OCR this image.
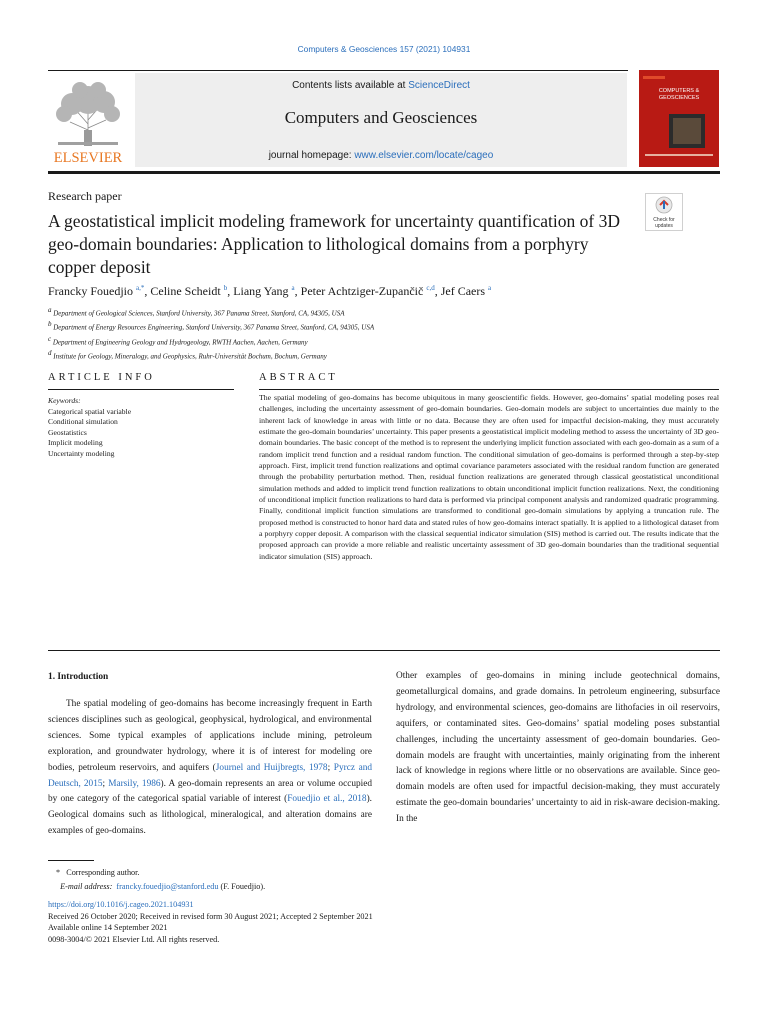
Computers & Geosciences 157 (2021) 104931
ELSEVIER
Contents lists available at ScienceDirect
Computers and Geosciences
journal homepage: www.elsevier.com/locate/cageo
COMPUTERS &
GEOSCIENCES
Research paper
A geostatistical implicit modeling framework for uncertainty quantification of 3D geo-domain boundaries: Application to lithological domains from a porphyry copper deposit
Check for
updates
Francky Fouedjio $^{a,*}$, Celine Scheidt $^b$, Liang Yang $^a$, Peter Achtziger-Zupančič $^{c,d}$, Jef Caers $^a$
$^a$ Department of Geological Sciences, Stanford University, 367 Panama Street, Stanford, CA, 94305, USA
$^b$ Department of Energy Resources Engineering, Stanford University, 367 Panama Street, Stanford, CA, 94305, USA
$^c$ Department of Engineering Geology and Hydrogeology, RWTH Aachen, Aachen, Germany
$^d$ Institute for Geology, Mineralogy, and Geophysics, Ruhr-Universität Bochum, Bochum, Germany
ARTICLE INFO	ABSTRACT
Keywords:
Categorical spatial variable
Conditional simulation
Geostatistics
Implicit modeling
Uncertainty modeling
The spatial modeling of geo-domains has become ubiquitous in many geoscientific fields. However, geo-domains’ spatial modeling poses real challenges, including the uncertainty assessment of geo-domain boundaries. Geo-domain models are subject to uncertainties due mainly to the inherent lack of knowledge in areas with little or no data. Because they are often used for impactful decision-making, they must accurately estimate the geo-domain boundaries’ uncertainty. This paper presents a geostatistical implicit modeling method to assess the uncertainty of 3D geo-domain boundaries. The basic concept of the method is to represent the underlying implicit function associated with each geo-domain as a sum of a random implicit trend function and a residual random function. The conditional simulation of geo-domains is performed through a step-by-step approach. First, implicit trend function realizations and optimal covariance parameters associated with the residual random function are generated through the probability perturbation method. Then, residual function realizations are generated through classical geostatistical unconditional simulation methods and added to implicit trend function realizations to obtain unconditional implicit function realizations. Next, the conditioning of unconditional implicit function realizations to hard data is performed via principal component analysis and randomized quadratic programming. Finally, conditional implicit function simulations are transformed to conditional geo-domain simulations by applying a truncation rule. The proposed method is constructed to honor hard data and stated rules of how geo-domains interact spatially. It is applied to a lithological dataset from a porphyry copper deposit. A comparison with the classical sequential indicator simulation (SIS) method is carried out. The results indicate that the proposed approach can provide a more reliable and realistic uncertainty assessment of 3D geo-domain boundaries than the traditional sequential indicator simulation (SIS) approach.
1. Introduction
The spatial modeling of geo-domains has become increasingly frequent in Earth sciences disciplines such as geological, geophysical, hydrological, and environmental sciences. Some typical examples of applications include mining, petroleum exploration, and groundwater hydrology, where it is of interest for modeling ore bodies, petroleum reservoirs, and aquifers (Journel and Huijbregts, 1978; Pyrcz and Deutsch, 2015; Marsily, 1986). A geo-domain represents an area or volume occupied by one category of the categorical spatial variable of interest (Fouedjio et al., 2018). Geological domains such as lithological, mineralogical, and alteration domains are examples of geo-domains.
Other examples of geo-domains in mining include geotechnical domains, geometallurgical domains, and grade domains. In petroleum engineering, subsurface hydrology, and environmental sciences, geo-domains are lithofacies in oil reservoirs, aquifers, or contaminated sites. Geo-domains’ spatial modeling poses substantial challenges, including the uncertainty assessment of geo-domain boundaries. Geo-domain models are fraught with uncertainties, mainly originating from the inherent lack of knowledge in regions where little or no observations are available. Since geo-domain models are often used for impactful decision-making, they must accurately estimate the geo-domain boundaries’ uncertainty to aid in risk-aware decision-making. In the
* Corresponding author.
E-mail address: francky.fouedjio@stanford.edu (F. Fouedjio).
https://doi.org/10.1016/j.cageo.2021.104931
Received 26 October 2020; Received in revised form 30 August 2021; Accepted 2 September 2021
Available online 14 September 2021
0098-3004/© 2021 Elsevier Ltd. All rights reserved.
